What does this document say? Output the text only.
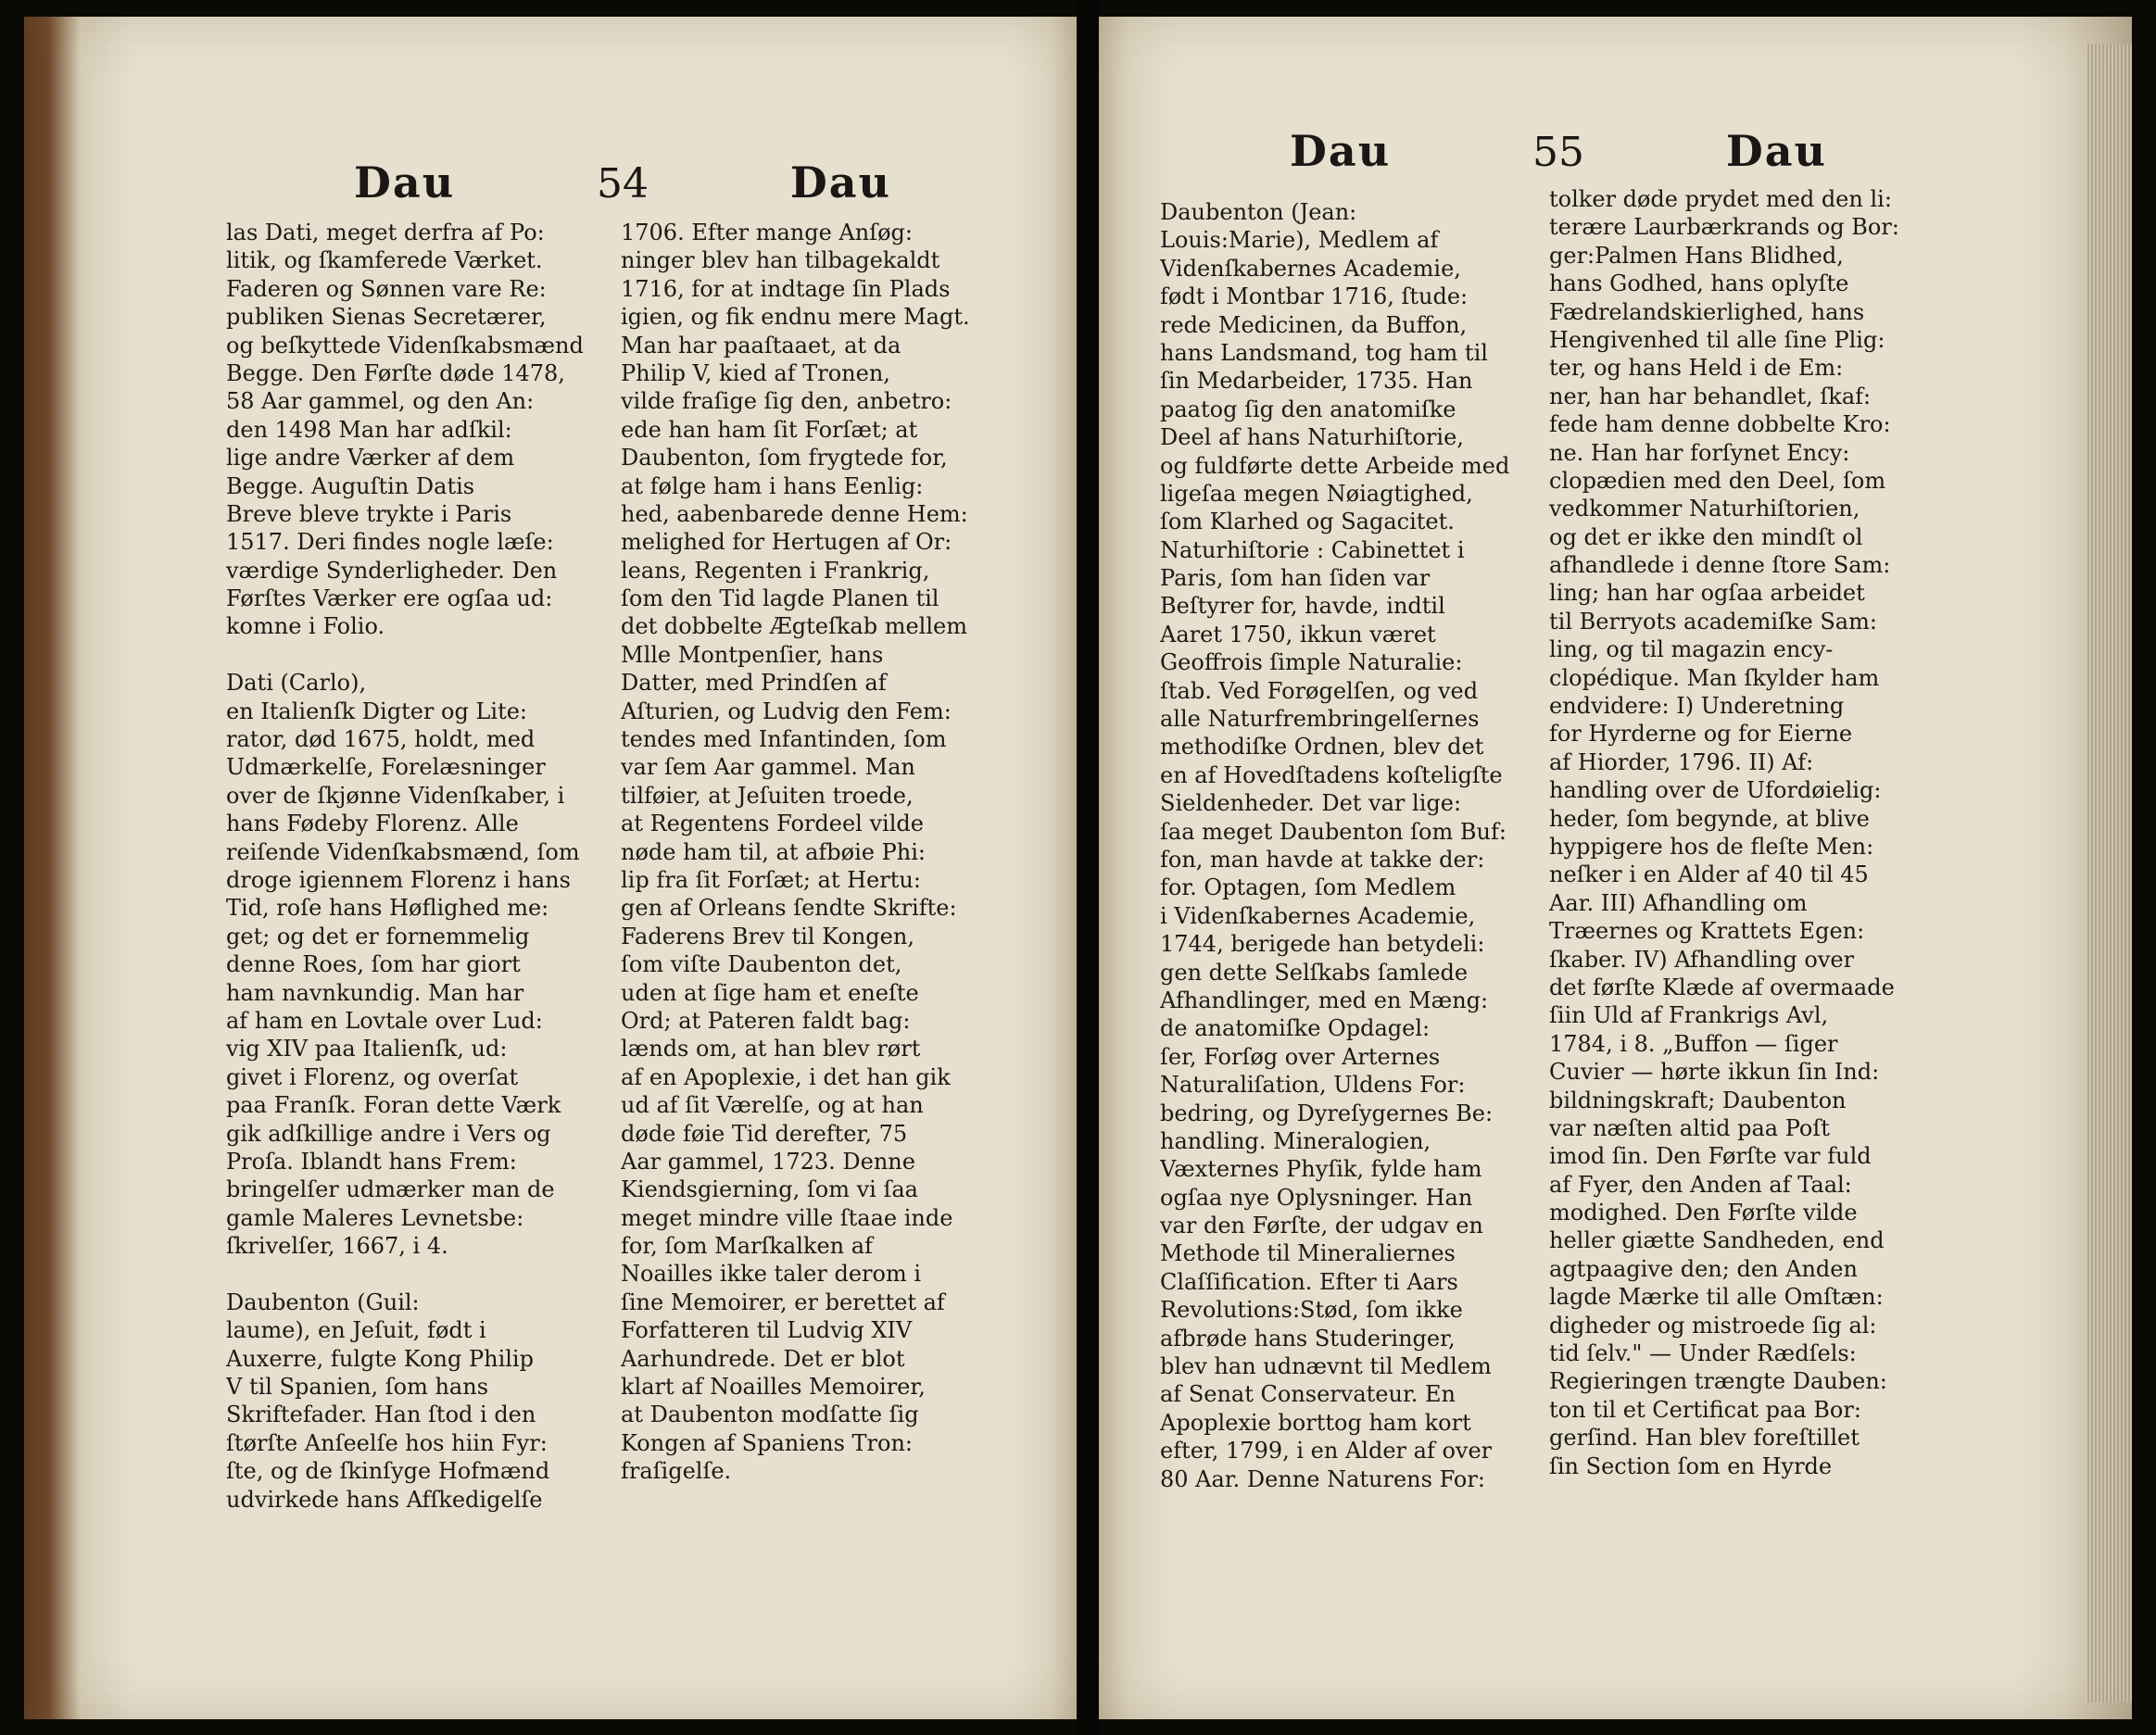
Dau	54	Dau
las Dati, meget derfra af Po:
litik, og ſkamferede Værket.
Faderen og Sønnen vare Re:
publiken Sienas Secretærer,
og beſkyttede Videnſkabsmænd
Begge. Den Førſte døde 1478,
58 Aar gammel, og den An:
den 1498 Man har adſkil:
lige andre Værker af dem
Begge. Auguſtin Datis
Breve bleve trykte i Paris
1517. Deri findes nogle læſe:
værdige Synderligheder. Den
Førſtes Værker ere ogſaa ud:
komne i Folio.
Dati (Carlo),
en Italienſk Digter og Lite:
rator, død 1675, holdt, med
Udmærkelſe, Forelæsninger
over de ſkjønne Videnſkaber, i
hans Fødeby Florenz. Alle
reiſende Videnſkabsmænd, ſom
droge igiennem Florenz i hans
Tid, roſe hans Høflighed me:
get; og det er fornemmelig
denne Roes, ſom har giort
ham navnkundig. Man har
af ham en Lovtale over Lud:
vig XIV paa Italienſk, ud:
givet i Florenz, og overſat
paa Franſk. Foran dette Værk
gik adſkillige andre i Vers og
Proſa. Iblandt hans Frem:
bringelſer udmærker man de
gamle Maleres Levnetsbe:
ſkrivelſer, 1667, i 4.
Daubenton (Guil:
laume), en Jeſuit, født i
Auxerre, fulgte Kong Philip
V til Spanien, ſom hans
Skriftefader. Han ſtod i den
ſtørſte Anſeelſe hos hiin Fyr:
ſte, og de ſkinſyge Hofmænd
udvirkede hans Afſkedigelſe
1706. Efter mange Anſøg:
ninger blev han tilbagekaldt
1716, for at indtage ſin Plads
igien, og fik endnu mere Magt.
Man har paaſtaaet, at da
Philip V, kied af Tronen,
vilde fraſige ſig den, anbetro:
ede han ham ſit Forſæt; at
Daubenton, ſom frygtede for,
at følge ham i hans Eenlig:
hed, aabenbarede denne Hem:
melighed for Hertugen af Or:
leans, Regenten i Frankrig,
ſom den Tid lagde Planen til
det dobbelte Ægteſkab mellem
Mlle Montpenſier, hans
Datter, med Prindſen af
Aſturien, og Ludvig den Fem:
tendes med Infantinden, ſom
var ſem Aar gammel. Man
tilføier, at Jeſuiten troede,
at Regentens Fordeel vilde
nøde ham til, at afbøie Phi:
lip fra ſit Forſæt; at Hertu:
gen af Orleans ſendte Skrifte:
Faderens Brev til Kongen,
ſom viſte Daubenton det,
uden at ſige ham et eneſte
Ord; at Pateren faldt bag:
lænds om, at han blev rørt
af en Apoplexie, i det han gik
ud af ſit Værelſe, og at han
døde føie Tid derefter, 75
Aar gammel, 1723. Denne
Kiendsgierning, ſom vi ſaa
meget mindre ville ſtaae inde
for, ſom Marſkalken af
Noailles ikke taler derom i
ſine Memoirer, er berettet af
Forfatteren til Ludvig XIV
Aarhundrede. Det er blot
klart af Noailles Memoirer,
at Daubenton modſatte ſig
Kongen af Spaniens Tron:
fraſigelſe.
Dau	55	Dau
Daubenton (Jean:
Louis:Marie), Medlem af
Videnſkabernes Academie,
født i Montbar 1716, ſtude:
rede Medicinen, da Buffon,
hans Landsmand, tog ham til
ſin Medarbeider, 1735. Han
paatog ſig den anatomiſke
Deel af hans Naturhiſtorie,
og fuldførte dette Arbeide med
ligeſaa megen Nøiagtighed,
ſom Klarhed og Sagacitet.
Naturhiſtorie : Cabinettet i
Paris, ſom han ſiden var
Beſtyrer for, havde, indtil
Aaret 1750, ikkun været
Geoffrois ſimple Naturalie:
ſtab. Ved Forøgelſen, og ved
alle Naturfrembringelſernes
methodiſke Ordnen, blev det
en af Hovedſtadens koſteligſte
Sieldenheder. Det var lige:
ſaa meget Daubenton ſom Buf:
fon, man havde at takke der:
for. Optagen, ſom Medlem
i Videnſkabernes Academie,
1744, berigede han betydeli:
gen dette Selſkabs ſamlede
Afhandlinger, med en Mæng:
de anatomiſke Opdagel:
ſer, Forſøg over Arternes
Naturaliſation, Uldens For:
bedring, og Dyreſygernes Be:
handling. Mineralogien,
Væxternes Phyſik, fylde ham
ogſaa nye Oplysninger. Han
var den Førſte, der udgav en
Methode til Mineraliernes
Claſſification. Efter ti Aars
Revolutions:Stød, ſom ikke
afbrøde hans Studeringer,
blev han udnævnt til Medlem
af Senat Conservateur. En
Apoplexie borttog ham kort
efter, 1799, i en Alder af over
80 Aar. Denne Naturens For:
tolker døde prydet med den li:
terære Laurbærkrands og Bor:
ger:Palmen Hans Blidhed,
hans Godhed, hans oplyſte
Fædrelandskierlighed, hans
Hengivenhed til alle ſine Plig:
ter, og hans Held i de Em:
ner, han har behandlet, ſkaf:
fede ham denne dobbelte Kro:
ne. Han har forſynet Ency:
clopædien med den Deel, ſom
vedkommer Naturhiſtorien,
og det er ikke den mindſt ol
afhandlede i denne ſtore Sam:
ling; han har ogſaa arbeidet
til Berryots academiſke Sam:
ling, og til magazin ency-
clopédique. Man ſkylder ham
endvidere: I) Underetning
for Hyrderne og for Eierne
af Hiorder, 1796. II) Af:
handling over de Ufordøielig:
heder, ſom begynde, at blive
hyppigere hos de fleſte Men:
neſker i en Alder af 40 til 45
Aar. III) Afhandling om
Træernes og Krattets Egen:
ſkaber. IV) Afhandling over
det førſte Klæde af overmaade
ſiin Uld af Frankrigs Avl,
1784, i 8. „Buffon — ſiger
Cuvier — hørte ikkun ſin Ind:
bildningskraft; Daubenton
var næſten altid paa Poſt
imod ſin. Den Førſte var fuld
af Fyer, den Anden af Taal:
modighed. Den Førſte vilde
heller giætte Sandheden, end
agtpaagive den; den Anden
lagde Mærke til alle Omſtæn:
digheder og mistroede ſig al:
tid ſelv." — Under Rædſels:
Regieringen trængte Dauben:
ton til et Certificat paa Bor:
gerſind. Han blev foreſtillet
ſin Section ſom en Hyrde
